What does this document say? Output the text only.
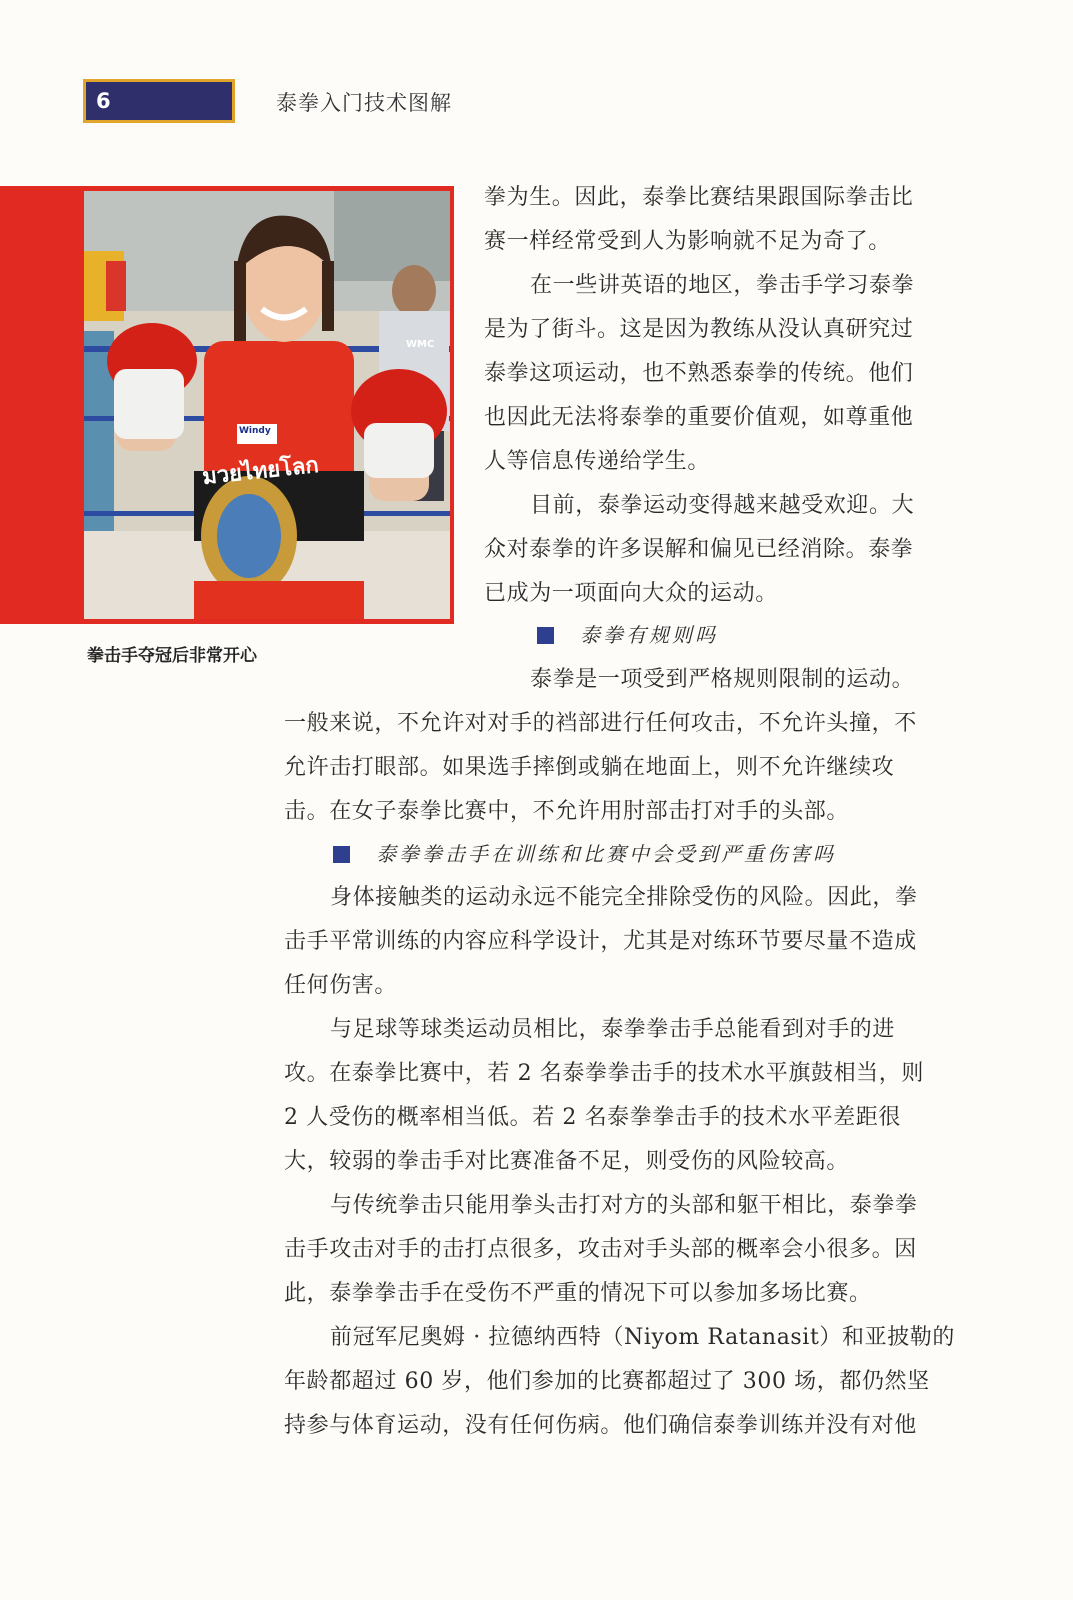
6	泰拳入门技术图解
Windy
มวยไทยโลก
WMC
拳击手夺冠后非常开心

拳为生。因此，泰拳比赛结果跟国际拳击比

赛一样经常受到人为影响就不足为奇了。

在一些讲英语的地区，拳击手学习泰拳

是为了街斗。这是因为教练从没认真研究过

泰拳这项运动，也不熟悉泰拳的传统。他们

也因此无法将泰拳的重要价值观，如尊重他

人等信息传递给学生。

目前，泰拳运动变得越来越受欢迎。大

众对泰拳的许多误解和偏见已经消除。泰拳

已成为一项面向大众的运动。

泰拳有规则吗

泰拳是一项受到严格规则限制的运动。

一般来说，不允许对对手的裆部进行任何攻击，不允许头撞，不

允许击打眼部。如果选手摔倒或躺在地面上，则不允许继续攻

击。在女子泰拳比赛中，不允许用肘部击打对手的头部。

泰拳拳击手在训练和比赛中会受到严重伤害吗

身体接触类的运动永远不能完全排除受伤的风险。因此，拳

击手平常训练的内容应科学设计，尤其是对练环节要尽量不造成

任何伤害。

与足球等球类运动员相比，泰拳拳击手总能看到对手的进

攻。在泰拳比赛中，若 2 名泰拳拳击手的技术水平旗鼓相当，则

2 人受伤的概率相当低。若 2 名泰拳拳击手的技术水平差距很

大，较弱的拳击手对比赛准备不足，则受伤的风险较高。

与传统拳击只能用拳头击打对方的头部和躯干相比，泰拳拳

击手攻击对手的击打点很多，攻击对手头部的概率会小很多。因

此，泰拳拳击手在受伤不严重的情况下可以参加多场比赛。

前冠军尼奥姆 · 拉德纳西特（Niyom Ratanasit）和亚披勒的

年龄都超过 60 岁，他们参加的比赛都超过了 300 场，都仍然坚

持参与体育运动，没有任何伤病。他们确信泰拳训练并没有对他
